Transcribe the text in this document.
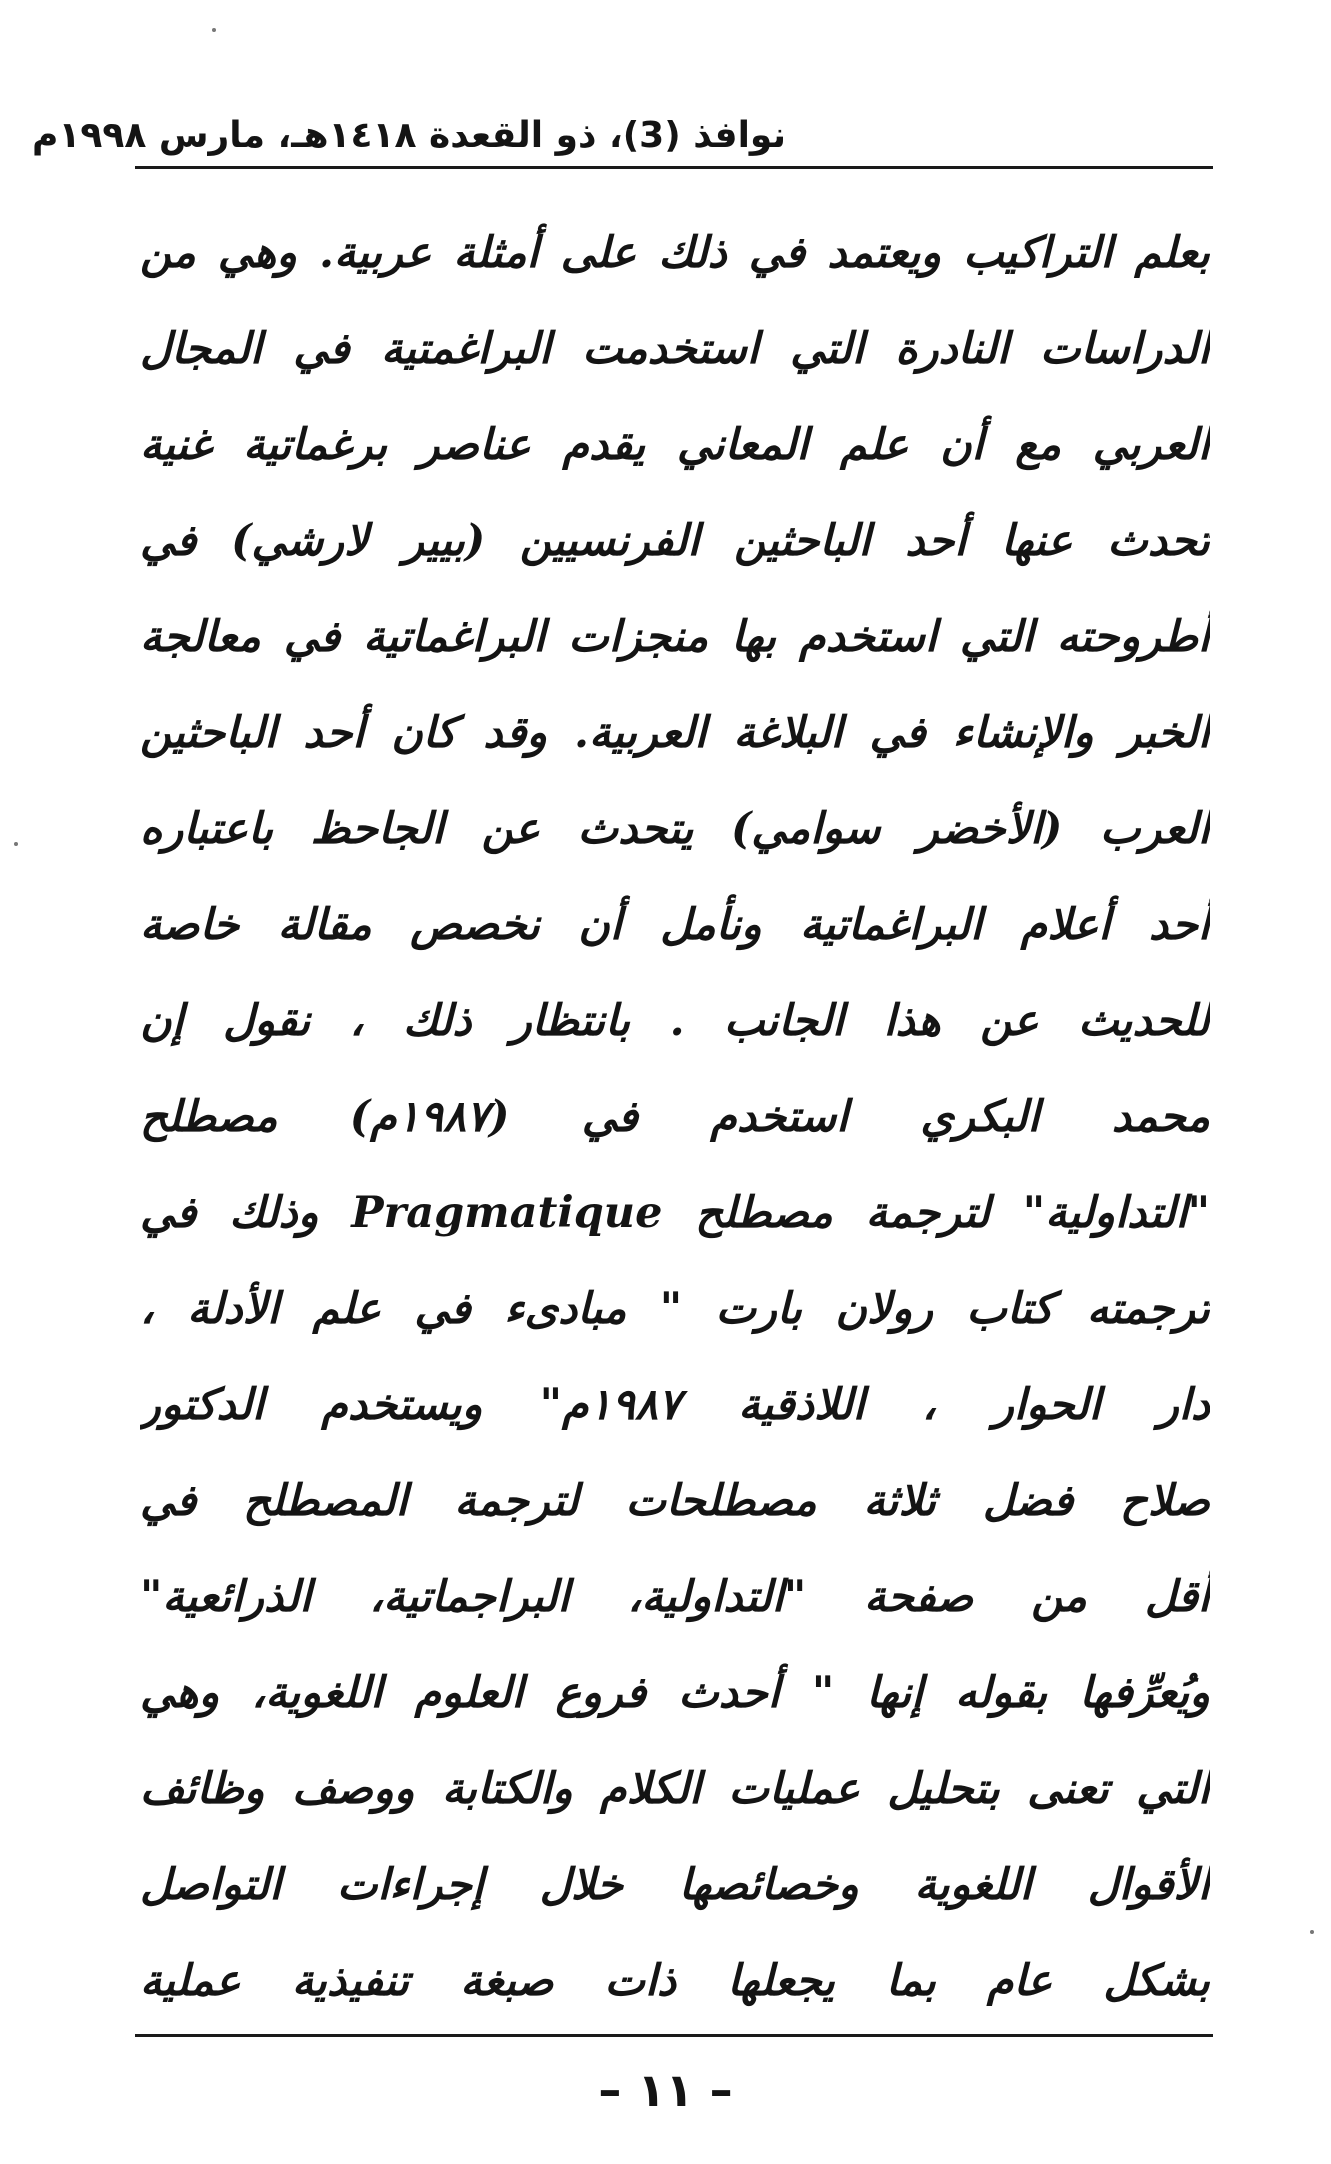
نوافذ (3)، ذو القعدة ١٤١٨هـ، مارس ١٩٩٨م
بعلم التراكيب ويعتمد في ذلك على أمثلة عربية. وهي من
الدراسات النادرة التي استخدمت البراغمتية في المجال
العربي مع أن علم المعاني يقدم عناصر برغماتية غنية
تحدث عنها أحد الباحثين الفرنسيين (بيير لارشي) في
أطروحته التي استخدم بها منجزات البراغماتية في معالجة
الخبر والإنشاء في البلاغة العربية. وقد كان أحد الباحثين
العرب (الأخضر سوامي) يتحدث عن الجاحظ باعتباره
أحد أعلام البراغماتية ونأمل أن نخصص مقالة خاصة
للحديث عن هذا الجانب . بانتظار ذلك ، نقول إن
محمد البكري استخدم في (١٩٨٧م) مصطلح
"التداولية" لترجمة مصطلح Pragmatique وذلك في
ترجمته كتاب رولان بارت " مبادىء في علم الأدلة ،
دار الحوار ، اللاذقية ١٩٨٧م" ويستخدم الدكتور
صلاح فضل ثلاثة مصطلحات لترجمة المصطلح في
أقل من صفحة "التداولية، البراجماتية، الذرائعية"
ويُعرِّفها بقوله إنها " أحدث فروع العلوم اللغوية، وهي
التي تعنى بتحليل عمليات الكلام والكتابة ووصف وظائف
الأقوال اللغوية وخصائصها خلال إجراءات التواصل
بشكل عام بما يجعلها ذات صبغة تنفيذية عملية
– ١١ –
